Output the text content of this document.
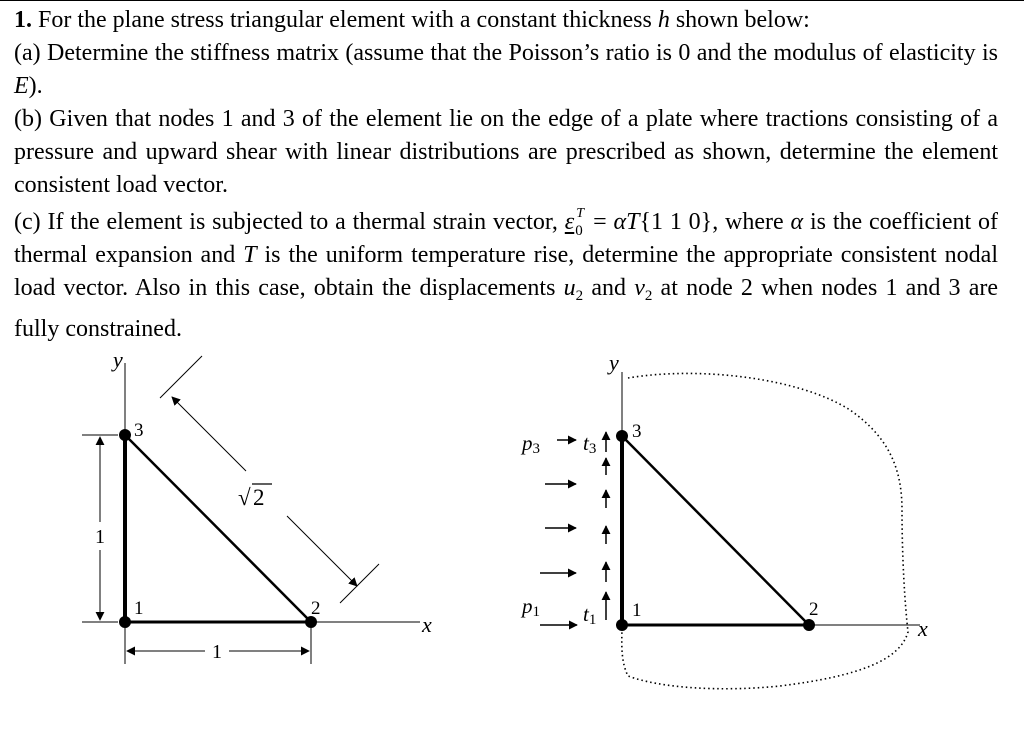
1. For the plane stress triangular element with a constant thickness h shown below:

(a) Determine the stiffness matrix (assume that the Poisson’s ratio is 0 and the modulus of elasticity is E).

(b) Given that nodes 1 and 3 of the element lie on the edge of a plate where tractions consisting of a pressure and upward shear with linear distributions are prescribed as shown, determine the element consistent load vector.

(c) If the element is subjected to a thermal strain vector, ε T
0 = αT{1 1 0}, where α is the coefficient of thermal expansion and T is the uniform temperature rise, determine the appropriate consistent nodal load vector. Also in this case, obtain the displacements $u_2$ and $v_2$ at node 2 when nodes 1 and 3 are fully constrained.

y
x
3
1	2
1
1
√ 2
y
x
3
1	2
p3 t3
p1 t1
